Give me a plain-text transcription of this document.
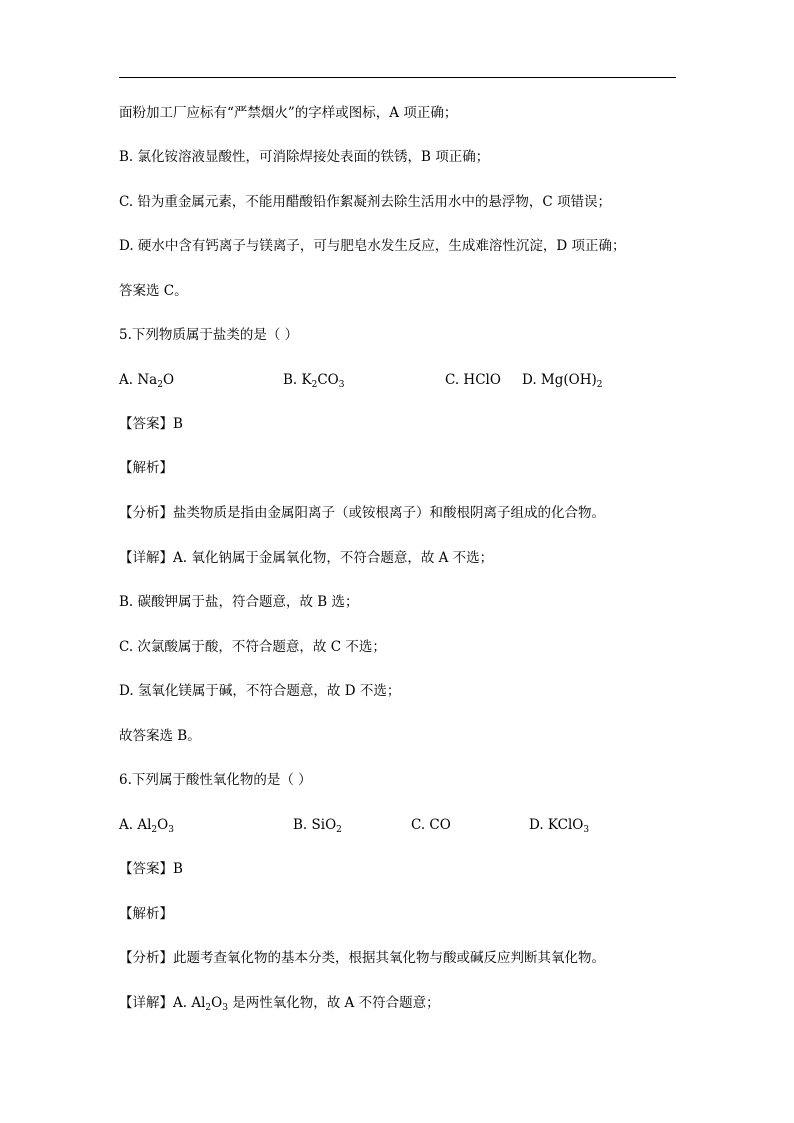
面粉加工厂应标有“严禁烟火”的字样或图标，A 项正确；
B. 氯化铵溶液显酸性，可消除焊接处表面的铁锈，B 项正确；
C. 铅为重金属元素，不能用醋酸铅作絮凝剂去除生活用水中的悬浮物，C 项错误；
D. 硬水中含有钙离子与镁离子，可与肥皂水发生反应，生成难溶性沉淀，D 项正确；
答案选 C。
5.下列物质属于盐类的是（ ）
A. $Na_2O$	B. $K_2CO_3$	C. HClO D. $Mg(OH)_2$
【答案】B
【解析】
【分析】盐类物质是指由金属阳离子（或铵根离子）和酸根阴离子组成的化合物。
【详解】A. 氧化钠属于金属氧化物，不符合题意，故 A 不选；
B. 碳酸钾属于盐，符合题意，故 B 选；
C. 次氯酸属于酸，不符合题意，故 C 不选；
D. 氢氧化镁属于碱，不符合题意，故 D 不选；
故答案选 B。
6.下列属于酸性氧化物的是（ ）
A. $Al_2O_3$	B. SiO$_2$	C. CO	D. KClO$_3$
【答案】B
【解析】
【分析】此题考查氧化物的基本分类，根据其氧化物与酸或碱反应判断其氧化物。
【详解】A. $Al_2O_3$ 是两性氧化物，故 A 不符合题意；
